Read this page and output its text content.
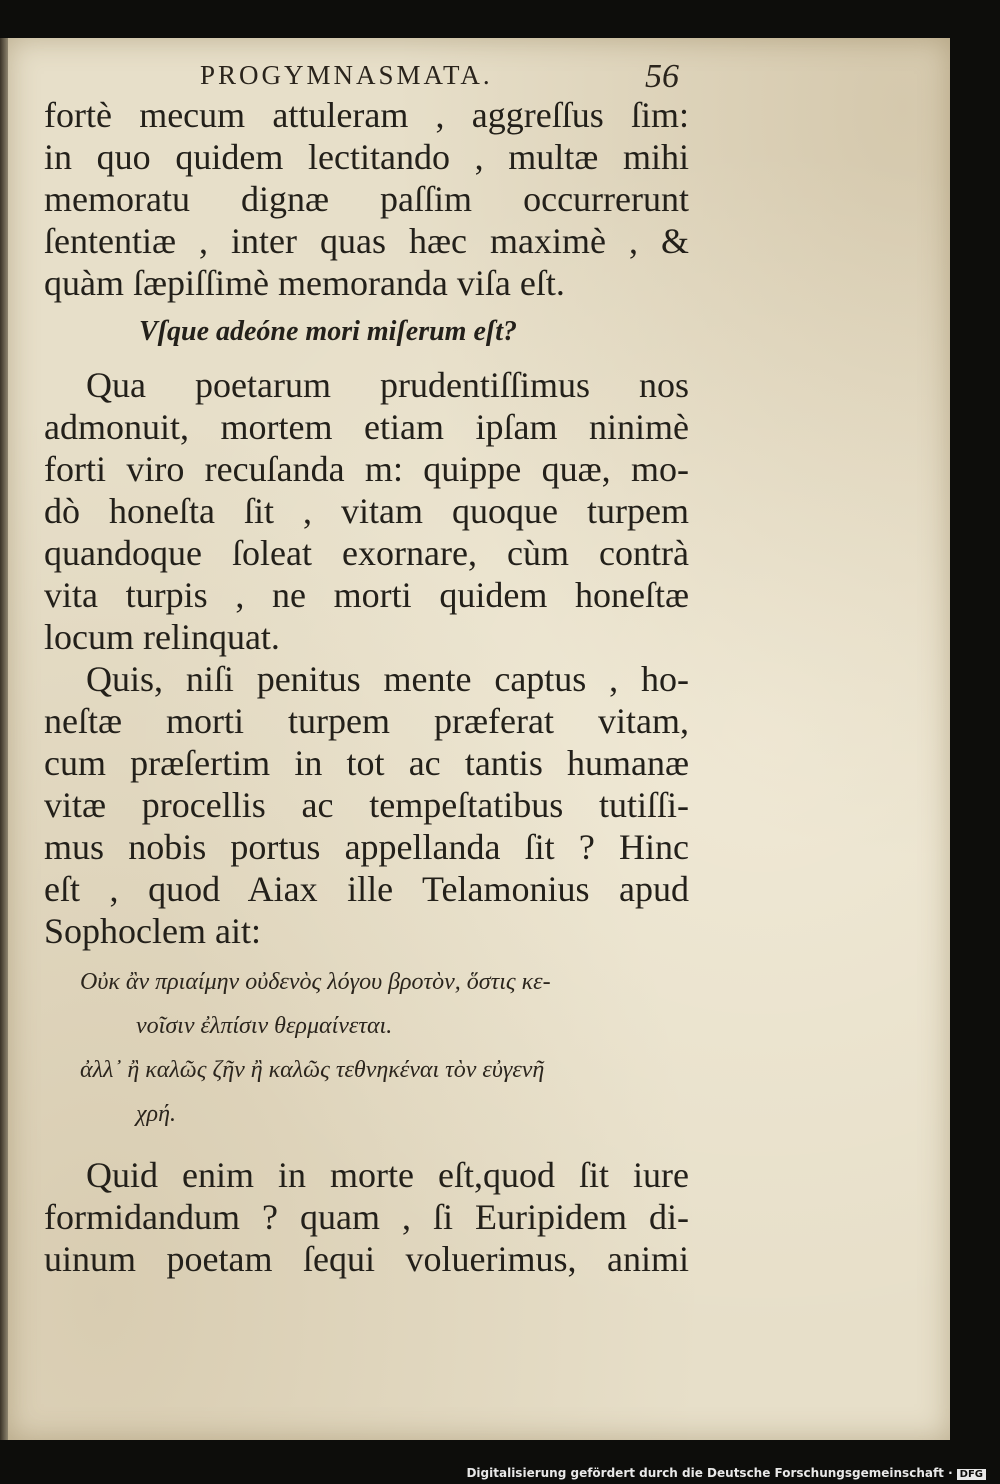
PROGYMNASMATA.	56
fortè mecum attuleram , aggreſſus ſim:
in quo quidem lectitando , multæ mihi
memoratu dignæ paſſim occurrerunt
ſententiæ , inter quas hæc maximè , &
quàm ſæpiſſimè memoranda viſa eſt.
Vſque adeóne mori miſerum eſt?
Qua poetarum prudentiſſimus nos
admonuit, mortem etiam ipſam ninimè
forti viro recuſanda m: quippe quæ, mo-
dò honeſta ſit , vitam quoque turpem
quandoque ſoleat exornare, cùm contrà
vita turpis , ne morti quidem honeſtæ
locum relinquat.
Quis, niſi penitus mente captus , ho-
neſtæ morti turpem præferat vitam,
cum præſertim in tot ac tantis humanæ
vitæ procellis ac tempeſtatibus tutiſſi-
mus nobis portus appellanda ſit ? Hinc
eſt , quod Aiax ille Telamonius apud
Sophoclem ait:
Οὐκ ἂν πριαίμην οὐδενὸς λόγου βροτὸν, ὅστις κε-
νοῖσιν ἐλπίσιν θερμαίνεται.
ἀλλ᾽ ἢ καλῶς ζῆν ἢ καλῶς τεθνηκέναι τὸν εὐγενῆ
χρή.
Quid enim in morte eſt,quod ſit iure
formidandum ? quam , ſi Euripidem di-
uinum poetam ſequi voluerimus, animi
Digitalisierung gefördert durch die Deutsche Forschungsgemeinschaft · DFG
